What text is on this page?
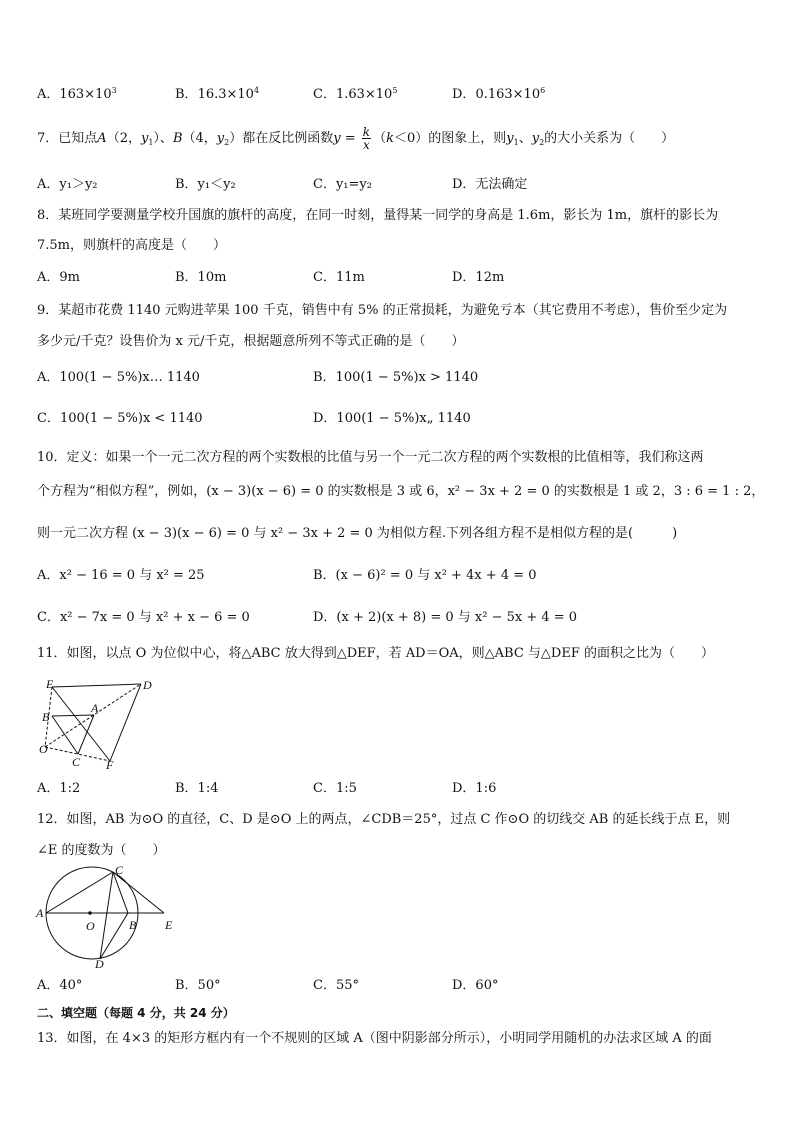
A．$163\times 10^3$	B．$16.3\times 10^4$	C．$1.63\times 10^5$	D．$0.163\times 10^6$
7．已知点A（2，$y_1$）、B（4，$y_2$）都在反比例函数$y = \frac{k}{x} (k<0)$的图象上，则$y_1$、$y_2$的大小关系为（　　）
A．y₁＞y₂	B．y₁＜y₂	C．y₁=y₂	D．无法确定
8．某班同学要测量学校升国旗的旗杆的高度，在同一时刻，量得某一同学的身高是 1.6m，影长为 1m，旗杆的影长为
7.5m，则旗杆的高度是（　　）
A．9m	B．10m	C．11m	D．12m
9．某超市花费 1140 元购进苹果 100 千克，销售中有 5% 的正常损耗，为避免亏本（其它费用不考虑），售价至少定为
多少元/千克？设售价为 x 元/千克，根据题意所列不等式正确的是（　　）
A．100(1 − 5%)x… 1140	B．100(1 − 5%)x > 1140
C．100(1 − 5%)x < 1140	D．100(1 − 5%)x„ 1140
10．定义：如果一个一元二次方程的两个实数根的比值与另一个一元二次方程的两个实数根的比值相等，我们称这两
个方程为“相似方程”，例如，(x − 3)(x − 6) = 0 的实数根是 3 或 6，x² − 3x + 2 = 0 的实数根是 1 或 2，3 : 6 = 1 : 2，
则一元二次方程 (x − 3)(x − 6) = 0 与 x² − 3x + 2 = 0 为相似方程.下列各组方程不是相似方程的是(　　　)
A．x² − 16 = 0 与 x² = 25	B．(x − 6)² = 0 与 x² + 4x + 4 = 0
C．x² − 7x = 0 与 x² + x − 6 = 0	D．(x + 2)(x + 8) = 0 与 x² − 5x + 4 = 0
11．如图，以点 O 为位似中心，将△ABC 放大得到△DEF，若 AD＝OA，则△ABC 与△DEF 的面积之比为（　　）
E	D
B
A
O
C F
A．1:2	B．1:4	C．1:5	D．1:6
12．如图，AB 为⊙O 的直径，C、D 是⊙O 上的两点，∠CDB＝25°，过点 C 作⊙O 的切线交 AB 的延长线于点 E，则
∠E 的度数为（　　）
C
A
O	B E
D
A．40°	B．50°	C．55°	D．60°
二、填空题（每题 4 分，共 24 分）
13．如图，在 4×3 的矩形方框内有一个不规则的区域 A（图中阴影部分所示），小明同学用随机的办法求区域 A 的面
